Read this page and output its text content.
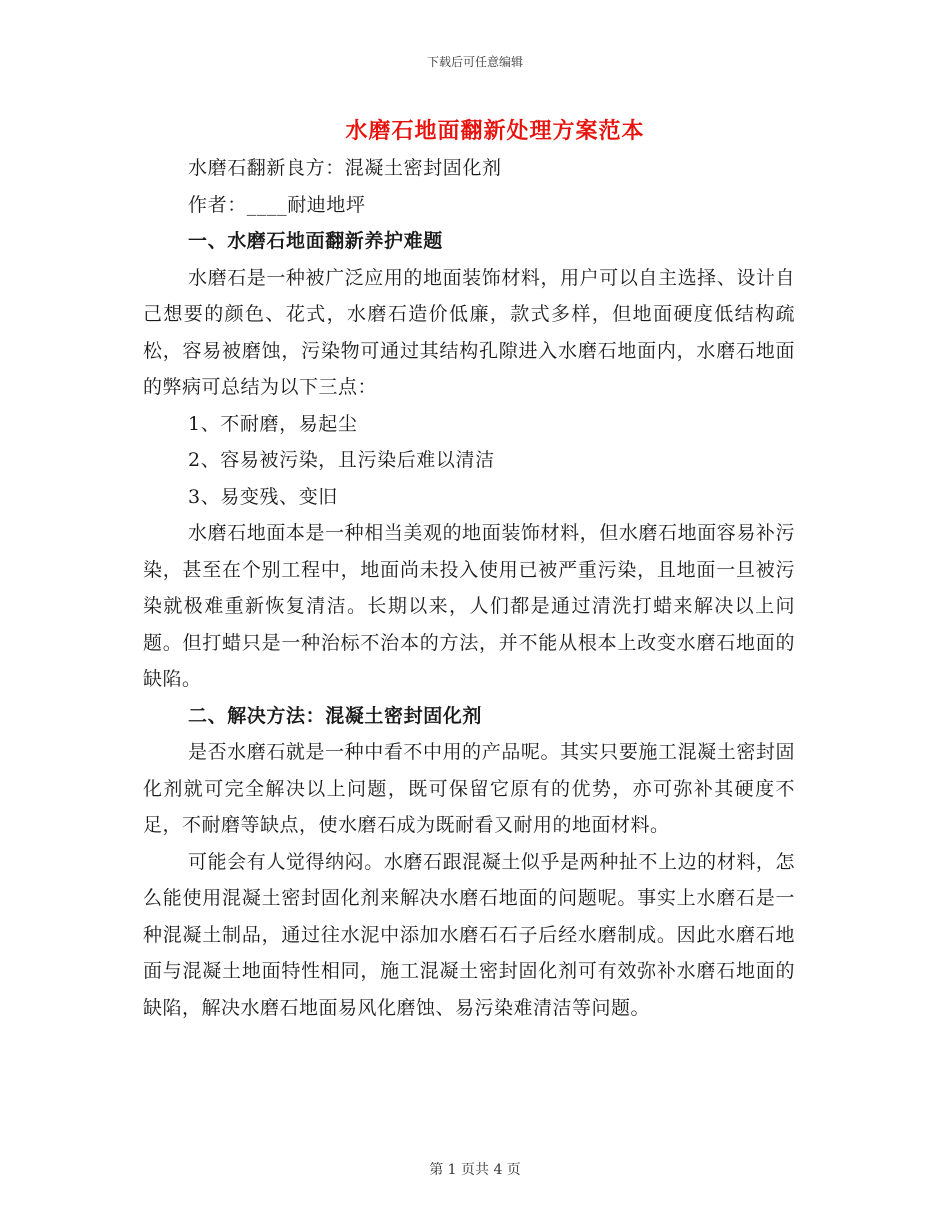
下载后可任意编辑
水磨石地面翻新处理方案范本

水磨石翻新良方：混凝土密封固化剂

作者：____耐迪地坪

一、水磨石地面翻新养护难题

水磨石是一种被广泛应用的地面装饰材料，用户可以自主选择、设计自己想要的颜色、花式，水磨石造价低廉，款式多样，但地面硬度低结构疏松，容易被磨蚀，污染物可通过其结构孔隙进入水磨石地面内，水磨石地面的弊病可总结为以下三点：

1、不耐磨，易起尘

2、容易被污染，且污染后难以清洁

3、易变残、变旧

水磨石地面本是一种相当美观的地面装饰材料，但水磨石地面容易补污染，甚至在个别工程中，地面尚未投入使用已被严重污染，且地面一旦被污染就极难重新恢复清洁。长期以来，人们都是通过清洗打蜡来解决以上问题。但打蜡只是一种治标不治本的方法，并不能从根本上改变水磨石地面的缺陷。

二、解决方法：混凝土密封固化剂

是否水磨石就是一种中看不中用的产品呢。其实只要施工混凝土密封固化剂就可完全解决以上问题，既可保留它原有的优势，亦可弥补其硬度不足，不耐磨等缺点，使水磨石成为既耐看又耐用的地面材料。

可能会有人觉得纳闷。水磨石跟混凝土似乎是两种扯不上边的材料，怎么能使用混凝土密封固化剂来解决水磨石地面的问题呢。事实上水磨石是一种混凝土制品，通过往水泥中添加水磨石石子后经水磨制成。因此水磨石地面与混凝土地面特性相同，施工混凝土密封固化剂可有效弥补水磨石地面的缺陷，解决水磨石地面易风化磨蚀、易污染难清洁等问题。

第 1 页共 4 页
